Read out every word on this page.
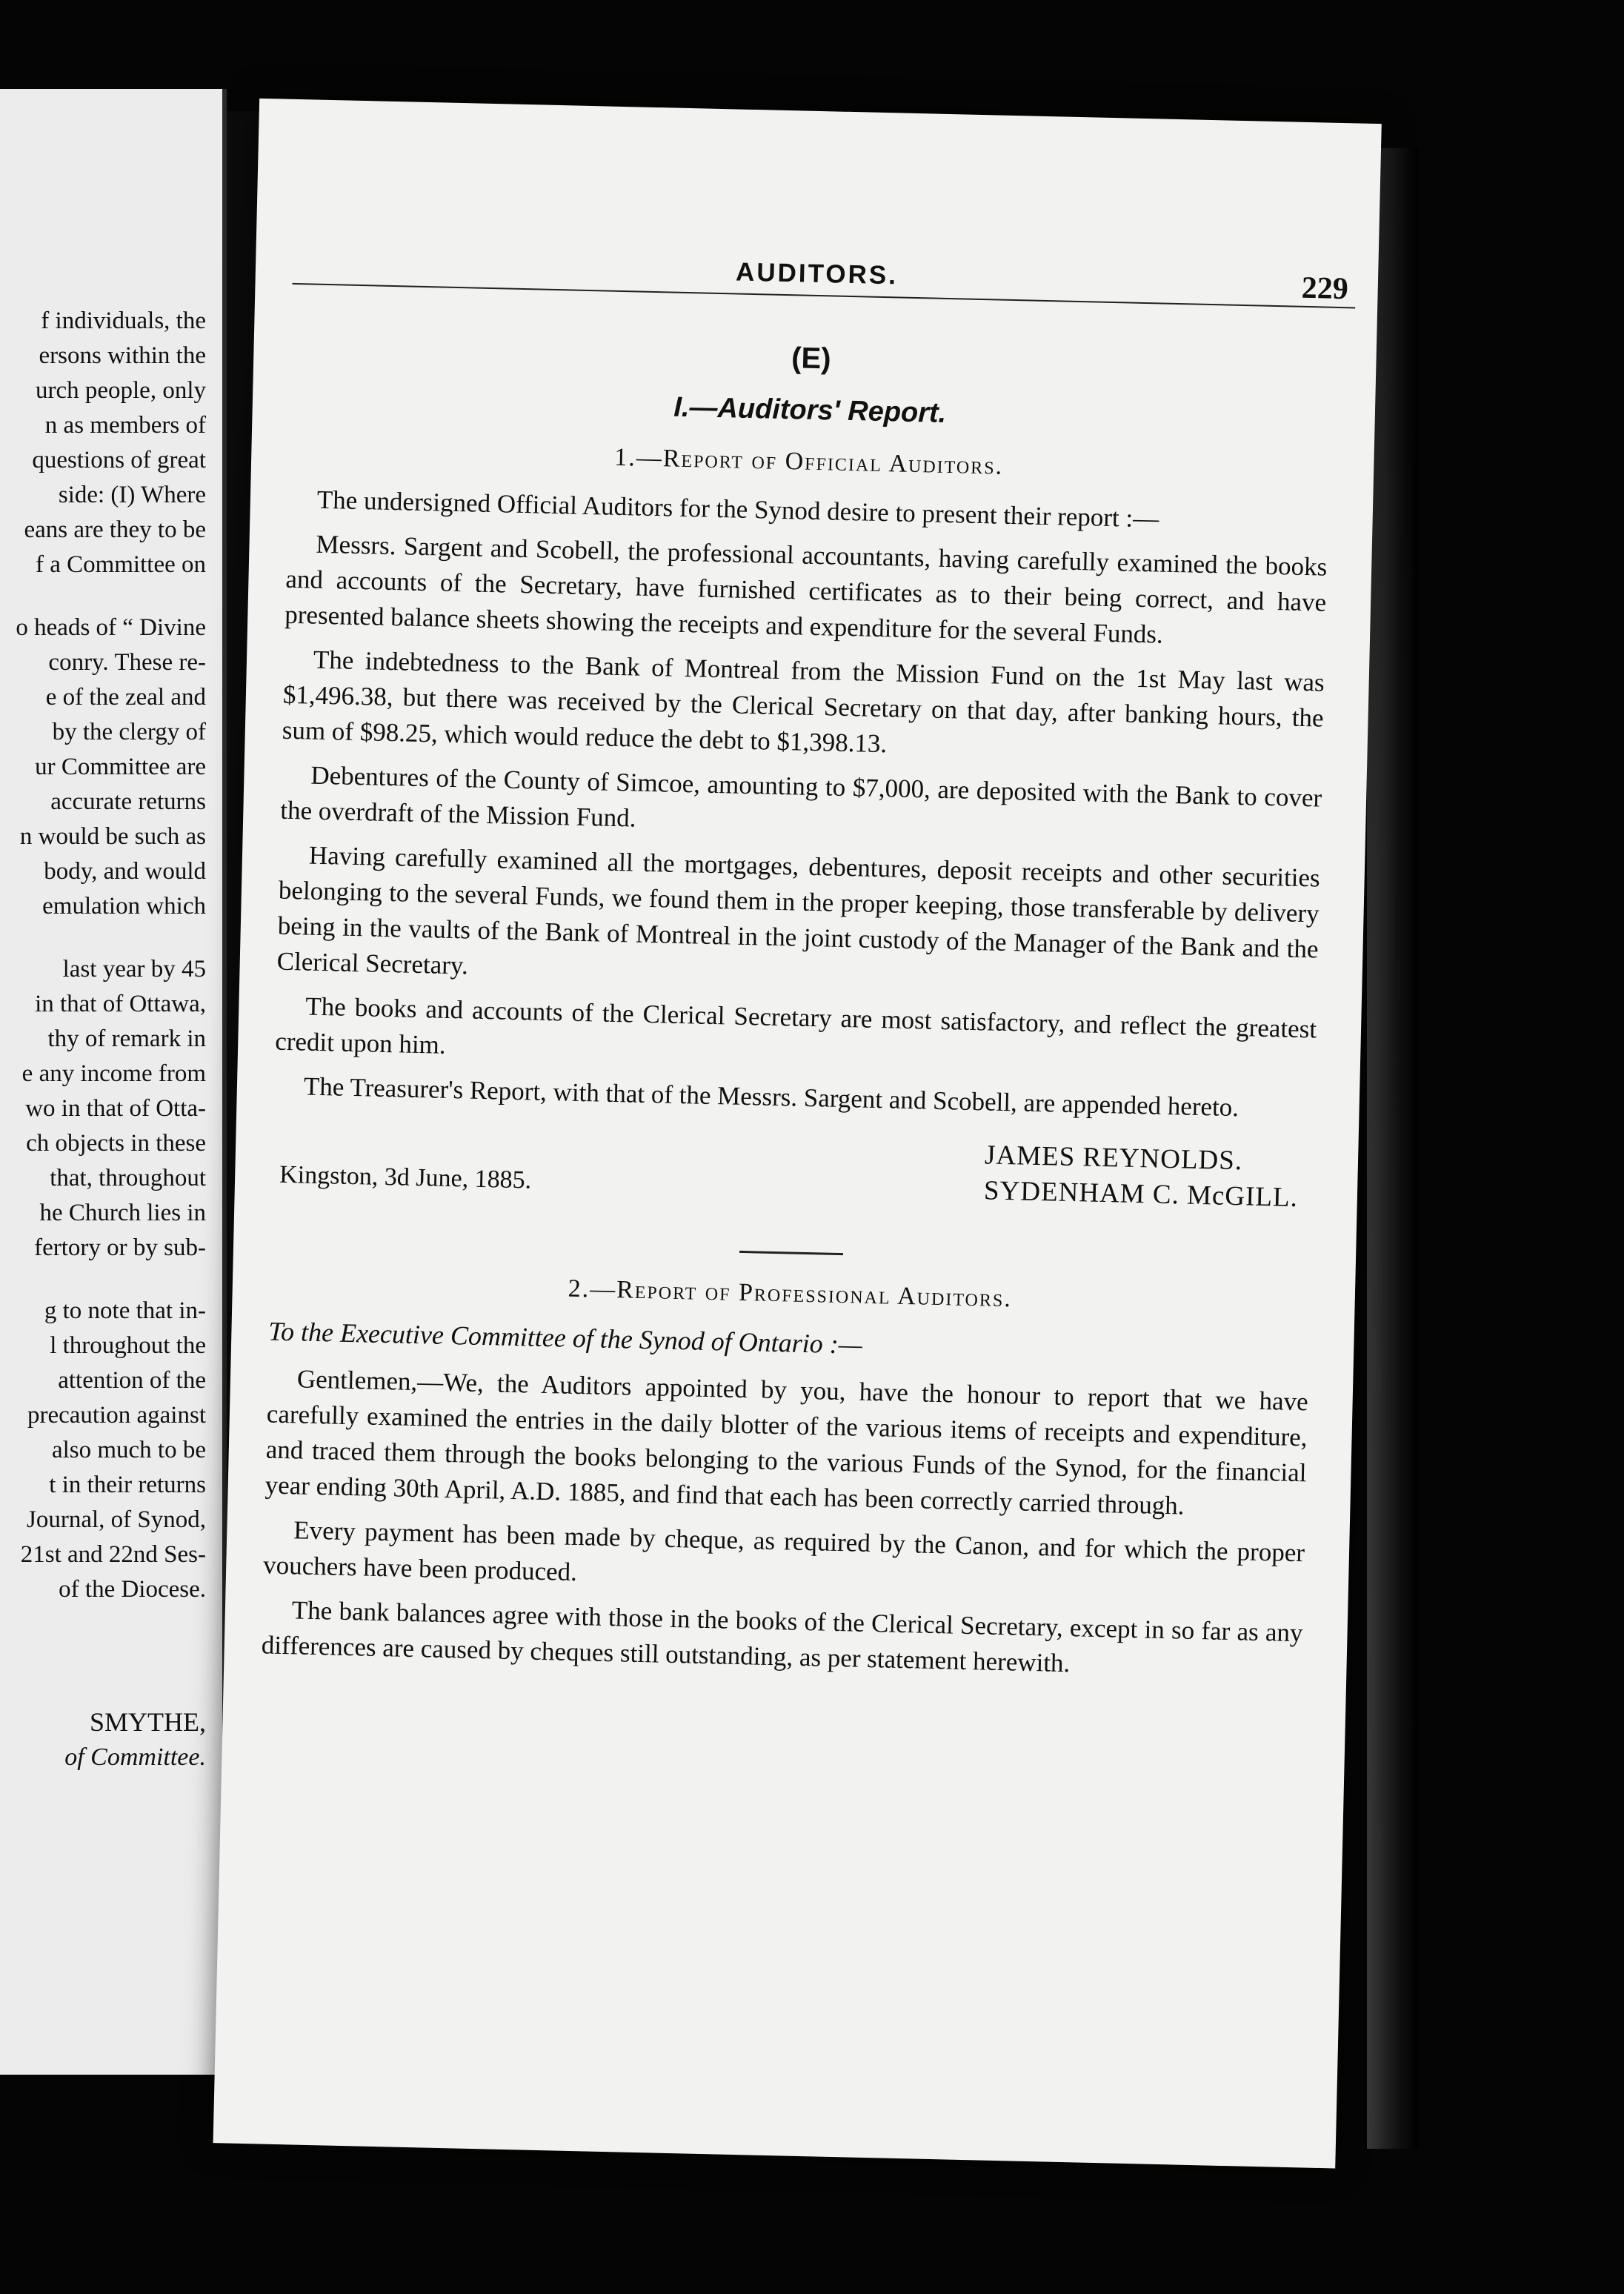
f individuals, the
ersons within the
urch people, only
n as members of
questions of great
side: (I) Where
eans are they to be
f a Committee on
o heads of “ Divine
conry. These re-
e of the zeal and
by the clergy of
ur Committee are
accurate returns
n would be such as
body, and would
emulation which
last year by 45
in that of Ottawa,
thy of remark in
e any income from
wo in that of Otta-
ch objects in these
that, throughout
he Church lies in
fertory or by sub-
g to note that in-
l throughout the
attention of the
precaution against
also much to be
t in their returns
Journal, of Synod,
21st and 22nd Ses-
of the Diocese.
SMYTHE,
of Committee.
AUDITORS.	229
(E)
I.—Auditors' Report.
1.—Report of Official Auditors.

The undersigned Official Auditors for the Synod desire to present their report :—

Messrs. Sargent and Scobell, the professional accountants, having carefully examined the books and accounts of the Secretary, have furnished certificates as to their being correct, and have presented balance sheets showing the receipts and expenditure for the several Funds.

The indebtedness to the Bank of Montreal from the Mission Fund on the 1st May last was $1,496.38, but there was received by the Clerical Secretary on that day, after banking hours, the sum of $98.25, which would reduce the debt to $1,398.13.

Debentures of the County of Simcoe, amounting to $7,000, are deposited with the Bank to cover the overdraft of the Mission Fund.

Having carefully examined all the mortgages, debentures, deposit receipts and other securities belonging to the several Funds, we found them in the proper keeping, those transferable by delivery being in the vaults of the Bank of Montreal in the joint custody of the Manager of the Bank and the Clerical Secretary.

The books and accounts of the Clerical Secretary are most satisfactory, and reflect the greatest credit upon him.

The Treasurer's Report, with that of the Messrs. Sargent and Scobell, are appended hereto.

JAMES REYNOLDS.
SYDENHAM C. McGILL.
Kingston, 3d June, 1885.
2.—Report of Professional Auditors.

To the Executive Committee of the Synod of Ontario :—

Gentlemen,—We, the Auditors appointed by you, have the honour to report that we have carefully examined the entries in the daily blotter of the various items of receipts and expenditure, and traced them through the books belonging to the various Funds of the Synod, for the financial year ending 30th April, A.D. 1885, and find that each has been correctly carried through.

Every payment has been made by cheque, as required by the Canon, and for which the proper vouchers have been produced.

The bank balances agree with those in the books of the Clerical Secretary, except in so far as any differences are caused by cheques still outstanding, as per statement herewith.
